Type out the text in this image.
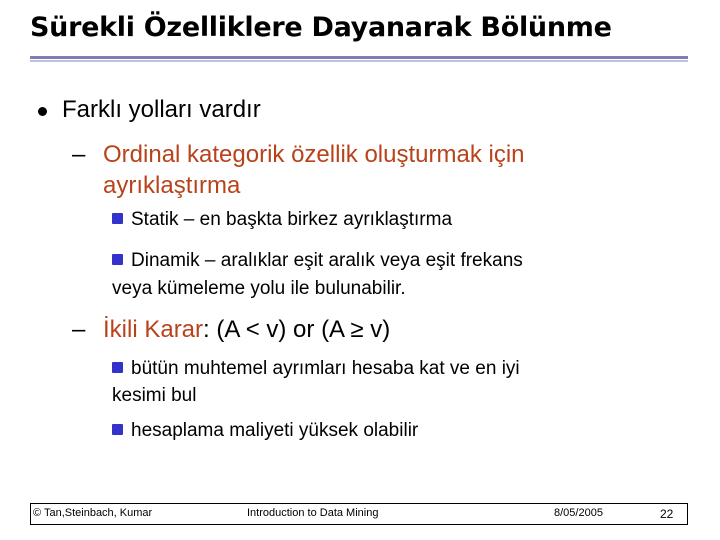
Sürekli Özelliklere Dayanarak Bölünme
Farklı yolları vardır
– Ordinal kategorik özellik oluşturmak için
ayrıklaştırma
Statik – en başkta birkez ayrıklaştırma
Dinamik – aralıklar eşit aralık veya eşit frekans
veya kümeleme yolu ile bulunabilir.
– İkili Karar: (A < v) or (A ≥ v)
bütün muhtemel ayrımları hesaba kat ve en iyi
kesimi bul
hesaplama maliyeti yüksek olabilir
© Tan,Steinbach, Kumar	Introduction to Data Mining	8/05/2005	22
